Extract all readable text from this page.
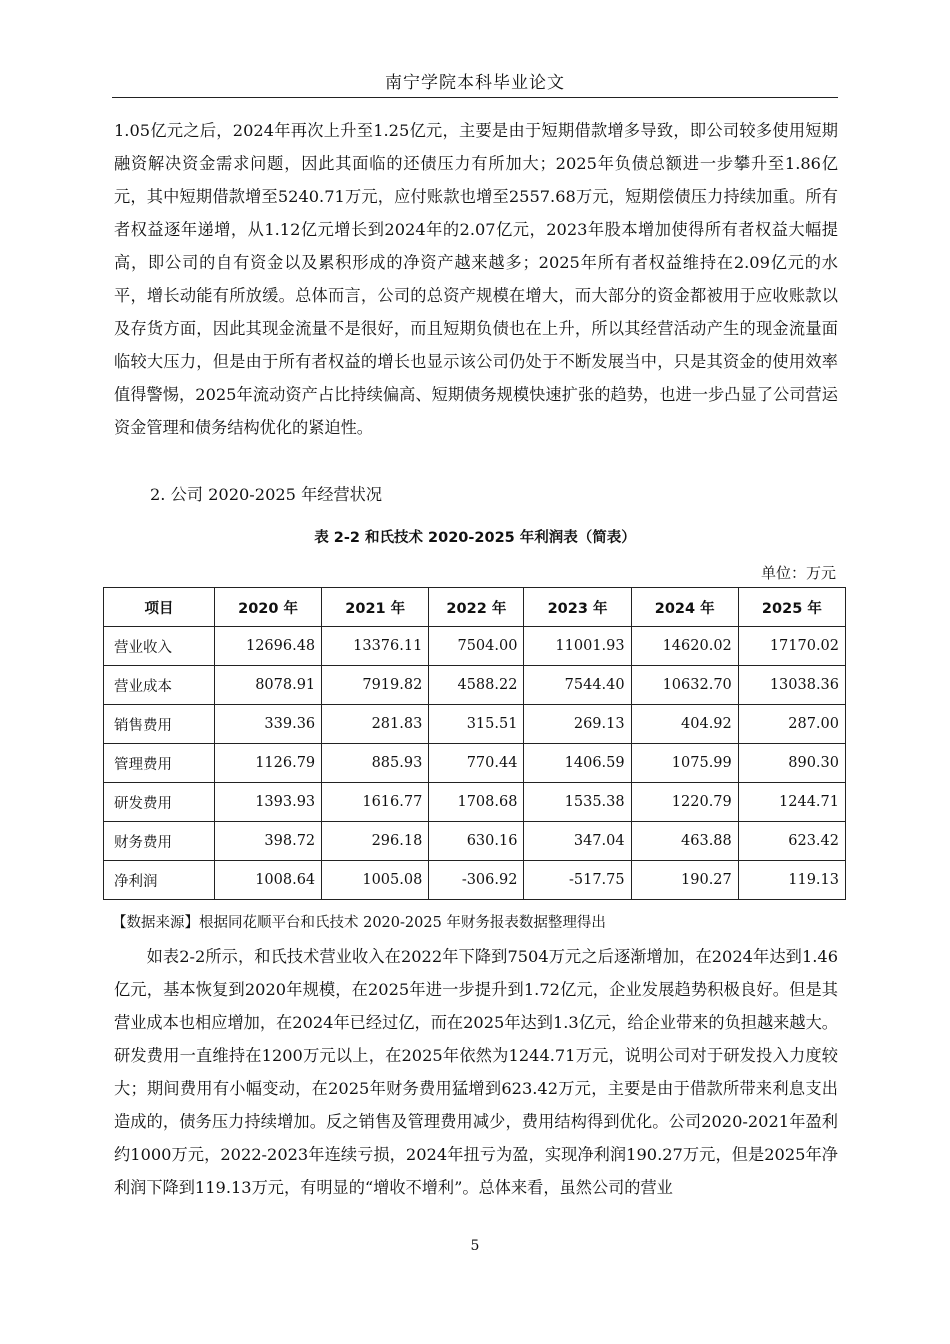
南宁学院本科毕业论文

1.05亿元之后，2024年再次上升至1.25亿元，主要是由于短期借款增多导致，即公司较多使用短期融资解决资金需求问题，因此其面临的还债压力有所加大；2025年负债总额进一步攀升至1.86亿元，其中短期借款增至5240.71万元，应付账款也增至2557.68万元，短期偿债压力持续加重。所有者权益逐年递增，从1.12亿元增长到2024年的2.07亿元，2023年股本增加使得所有者权益大幅提高，即公司的自有资金以及累积形成的净资产越来越多；2025年所有者权益维持在2.09亿元的水平，增长动能有所放缓。总体而言，公司的总资产规模在增大，而大部分的资金都被用于应收账款以及存货方面，因此其现金流量不是很好，而且短期负债也在上升，所以其经营活动产生的现金流量面临较大压力，但是由于所有者权益的增长也显示该公司仍处于不断发展当中，只是其资金的使用效率值得警惕，2025年流动资产占比持续偏高、短期债务规模快速扩张的趋势，也进一步凸显了公司营运资金管理和债务结构优化的紧迫性。

2. 公司 2020-2025 年经营状况
表 2-2 和氏技术 2020-2025 年利润表（简表）
单位：万元
项目	2020 年	2021 年	2022 年	2023 年	2024 年	2025 年
营业收入	12696.48	13376.11	7504.00	11001.93	14620.02	17170.02
营业成本	8078.91	7919.82	4588.22	7544.40	10632.70	13038.36
销售费用	339.36	281.83	315.51	269.13	404.92	287.00
管理费用	1126.79	885.93	770.44	1406.59	1075.99	890.30
研发费用	1393.93	1616.77	1708.68	1535.38	1220.79	1244.71
财务费用	398.72	296.18	630.16	347.04	463.88	623.42
净利润	1008.64	1005.08	-306.92	-517.75	190.27	119.13
【数据来源】根据同花顺平台和氏技术 2020-2025 年财务报表数据整理得出

　　如表2-2所示，和氏技术营业收入在2022年下降到7504万元之后逐渐增加，在2024年达到1.46亿元，基本恢复到2020年规模，在2025年进一步提升到1.72亿元，企业发展趋势积极良好。但是其营业成本也相应增加，在2024年已经过亿，而在2025年达到1.3亿元，给企业带来的负担越来越大。研发费用一直维持在1200万元以上，在2025年依然为1244.71万元，说明公司对于研发投入力度较大；期间费用有小幅变动，在2025年财务费用猛增到623.42万元，主要是由于借款所带来利息支出造成的，债务压力持续增加。反之销售及管理费用减少，费用结构得到优化。公司2020-2021年盈利约1000万元，2022-2023年连续亏损，2024年扭亏为盈，实现净利润190.27万元，但是2025年净利润下降到119.13万元，有明显的“增收不增利”。总体来看，虽然公司的营业

5
